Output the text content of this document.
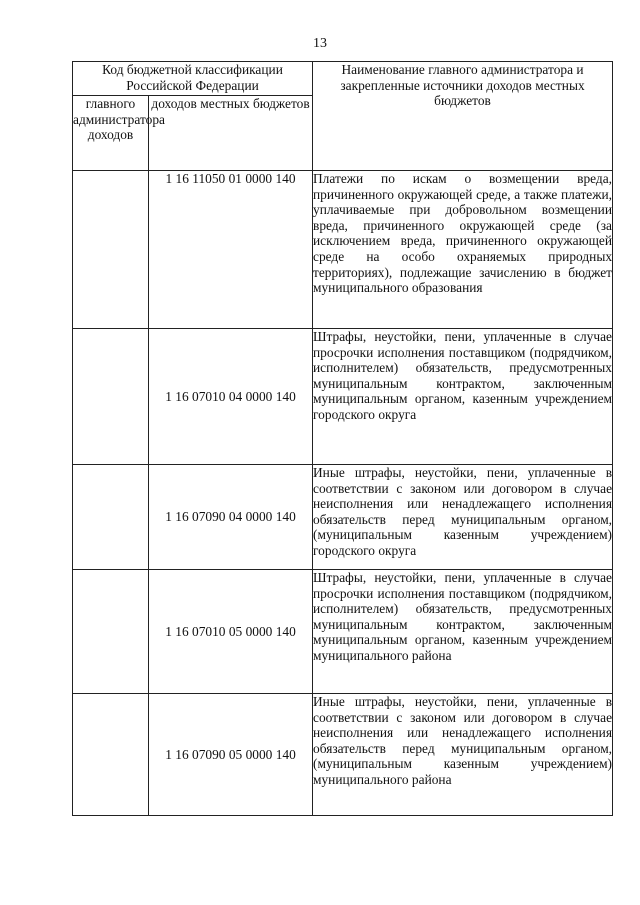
13
Код бюджетной классификации Российской Федерации		Наименование главного администратора и закрепленные источники доходов местных бюджетов
главного администратора доходов	доходов местных бюджетов	
	1 16 11050 01 0000 140	Платежи по искам о возмещении вреда, причиненного окружающей среде, а также платежи, уплачиваемые при добровольном возмещении вреда, причиненного окружающей среде (за исключением вреда, причиненного окружающей среде на особо охраняемых природных территориях), подлежащие зачислению в бюджет муниципального образования
	1 16 07010 04 0000 140	Штрафы, неустойки, пени, уплаченные в случае просрочки исполнения поставщиком (подрядчиком, исполнителем) обязательств, предусмотренных муниципальным контрактом, заключенным муниципальным органом, казенным учреждением городского округа
	1 16 07090 04 0000 140	Иные штрафы, неустойки, пени, уплаченные в соответствии с законом или договором в случае неисполнения или ненадлежащего исполнения обязательств перед муниципальным органом, (муниципальным казенным учреждением) городского округа
	1 16 07010 05 0000 140	Штрафы, неустойки, пени, уплаченные в случае просрочки исполнения поставщиком (подрядчиком, исполнителем) обязательств, предусмотренных муниципальным контрактом, заключенным муниципальным органом, казенным учреждением муниципального района
	1 16 07090 05 0000 140	Иные штрафы, неустойки, пени, уплаченные в соответствии с законом или договором в случае неисполнения или ненадлежащего исполнения обязательств перед муниципальным органом, (муниципальным казенным учреждением) муниципального района
